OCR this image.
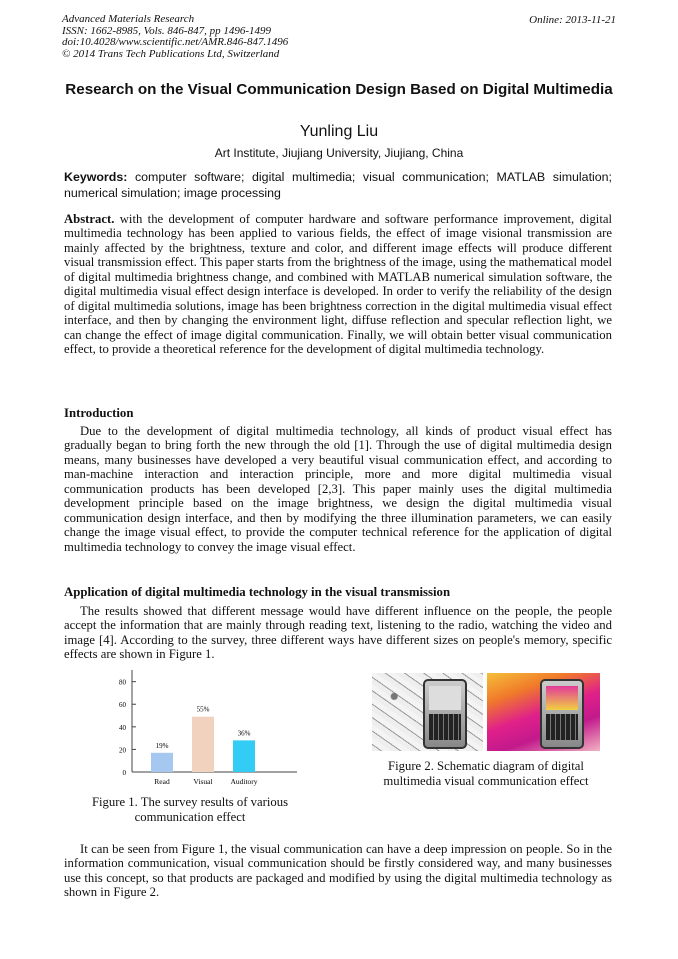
Advanced Materials Research
ISSN: 1662-8985, Vols. 846-847, pp 1496-1499
doi:10.4028/www.scientific.net/AMR.846-847.1496
© 2014 Trans Tech Publications Ltd, Switzerland
Online: 2013-11-21
Research on the Visual Communication Design Based on Digital Multimedia
Yunling Liu
Art Institute, Jiujiang University, Jiujiang, China
Keywords: computer software; digital multimedia; visual communication; MATLAB simulation; numerical simulation; image processing
Abstract. with the development of computer hardware and software performance improvement, digital multimedia technology has been applied to various fields, the effect of image visional transmission are mainly affected by the brightness, texture and color, and different image effects will produce different visual transmission effect. This paper starts from the brightness of the image, using the mathematical model of digital multimedia brightness change, and combined with MATLAB numerical simulation software, the digital multimedia visual effect design interface is developed. In order to verify the reliability of the design of digital multimedia solutions, image has been brightness correction in the digital multimedia visual effect interface, and then by changing the environment light, diffuse reflection and specular reflection light, we can change the effect of image digital communication. Finally, we will obtain better visual communication effect, to provide a theoretical reference for the development of digital multimedia technology.
Introduction
Due to the development of digital multimedia technology, all kinds of product visual effect has gradually began to bring forth the new through the old [1]. Through the use of digital multimedia design means, many businesses have developed a very beautiful visual communication effect, and according to man-machine interaction and interaction principle, more and more digital multimedia visual communication products has been developed [2,3]. This paper mainly uses the digital multimedia development principle based on the image brightness, we design the digital multimedia visual communication design interface, and then by modifying the three illumination parameters, we can easily change the image visual effect, to provide the computer technical reference for the application of digital multimedia technology to convey the image visual effect.
Application of digital multimedia technology in the visual transmission
The results showed that different message would have different influence on the people, the people accept the information that are mainly through reading text, listening to the radio, watching the video and image [4]. According to the survey, three different ways have different sizes on people's memory, specific effects are shown in Figure 1.
0
20
40
60
80
19%
Read
55%
Visual
36%
Auditory
Figure 1. The survey results of various communication effect
Figure 2. Schematic diagram of digital multimedia visual communication effect
It can be seen from Figure 1, the visual communication can have a deep impression on people. So in the information communication, visual communication should be firstly considered way, and many businesses use this concept, so that products are packaged and modified by using the digital multimedia technology as shown in Figure 2.
